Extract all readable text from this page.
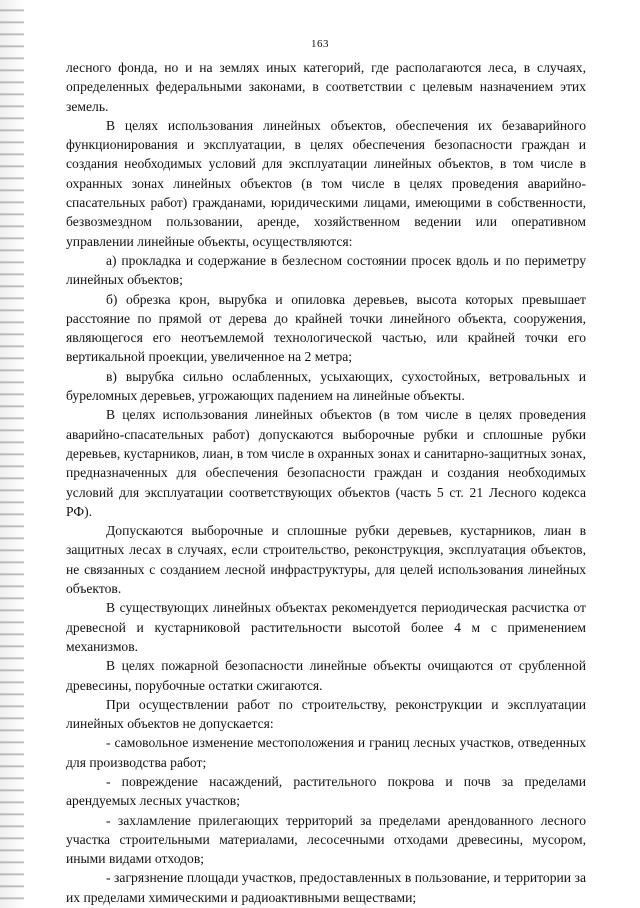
163

лесного фонда, но и на землях иных категорий, где располагаются леса, в случаях, определенных федеральными законами, в соответствии с целевым назначением этих земель.

В целях использования линейных объектов, обеспечения их безаварийного функционирования и эксплуатации, в целях обеспечения безопасности граждан и создания необходимых условий для эксплуатации линейных объектов, в том числе в охранных зонах линейных объектов (в том числе в целях проведения аварийно-спасательных работ) гражданами, юридическими лицами, имеющими в собственности, безвозмездном пользовании, аренде, хозяйственном ведении или оперативном управлении линейные объекты, осуществляются:

а) прокладка и содержание в безлесном состоянии просек вдоль и по периметру линейных объектов;

б) обрезка крон, вырубка и опиловка деревьев, высота которых превышает расстояние по прямой от дерева до крайней точки линейного объекта, сооружения, являющегося его неотъемлемой технологической частью, или крайней точки его вертикальной проекции, увеличенное на 2 метра;

в) вырубка сильно ослабленных, усыхающих, сухостойных, ветровальных и буреломных деревьев, угрожающих падением на линейные объекты.

В целях использования линейных объектов (в том числе в целях проведения аварийно-спасательных работ) допускаются выборочные рубки и сплошные рубки деревьев, кустарников, лиан, в том числе в охранных зонах и санитарно-защитных зонах, предназначенных для обеспечения безопасности граждан и создания необходимых условий для эксплуатации соответствующих объектов (часть 5 ст. 21 Лесного кодекса РФ).

Допускаются выборочные и сплошные рубки деревьев, кустарников, лиан в защитных лесах в случаях, если строительство, реконструкция, эксплуатация объектов, не связанных с созданием лесной инфраструктуры, для целей использования линейных объектов.

В существующих линейных объектах рекомендуется периодическая расчистка от древесной и кустарниковой растительности высотой более 4 м с применением механизмов.

В целях пожарной безопасности линейные объекты очищаются от срубленной древесины, порубочные остатки сжигаются.

При осуществлении работ по строительству, реконструкции и эксплуатации линейных объектов не допускается:

- самовольное изменение местоположения и границ лесных участков, отведенных для производства работ;

- повреждение насаждений, растительного покрова и почв за пределами арендуемых лесных участков;

- захламление прилегающих территорий за пределами арендованного лесного участка строительными материалами, лесосечными отходами древесины, мусором, иными видами отходов;

- загрязнение площади участков, предоставленных в пользование, и территории за их пределами химическими и радиоактивными веществами;
